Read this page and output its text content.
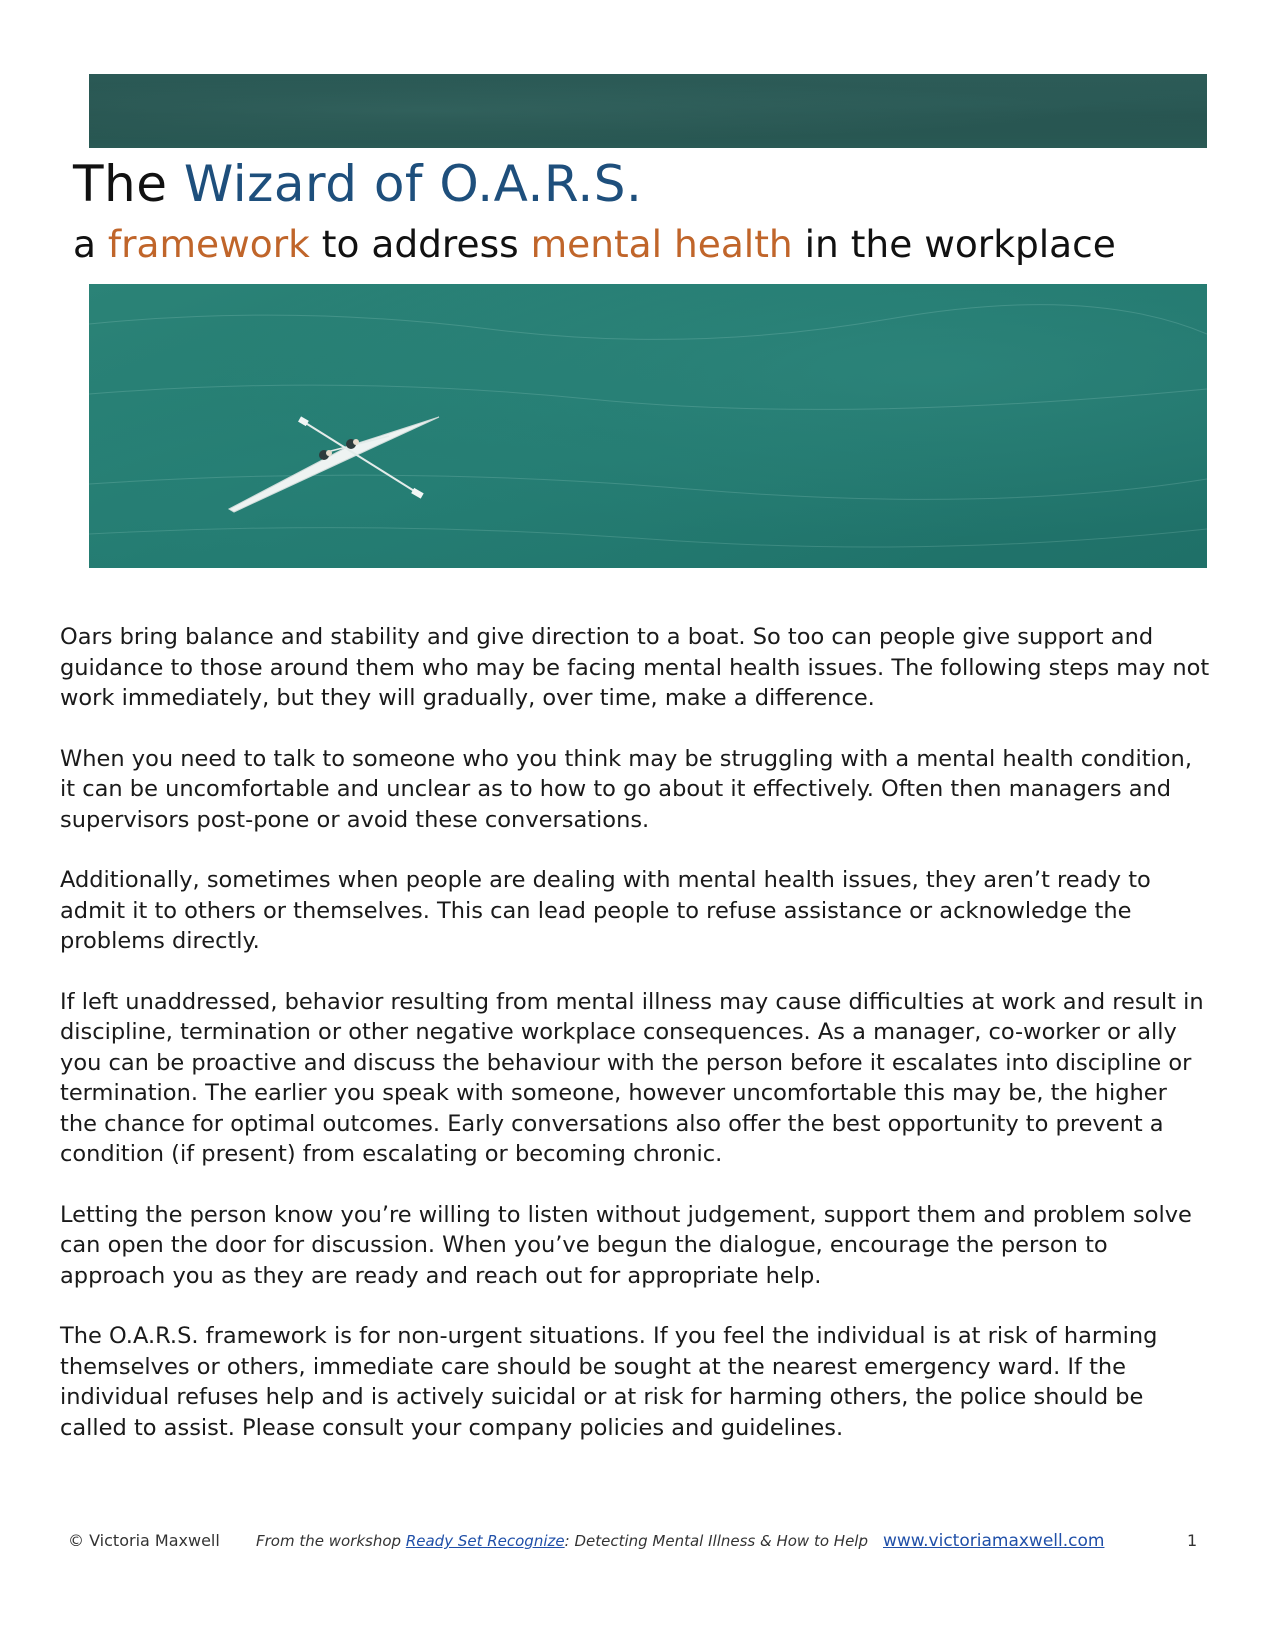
The Wizard of O.A.R.S.
a framework to address mental health in the workplace

Oars bring balance and stability and give direction to a boat. So too can people give support and guidance to those around them who may be facing mental health issues. The following steps may not work immediately, but they will gradually, over time, make a difference.

When you need to talk to someone who you think may be struggling with a mental health condition, it can be uncomfortable and unclear as to how to go about it effectively. Often then managers and supervisors post-pone or avoid these conversations.

Additionally, sometimes when people are dealing with mental health issues, they aren’t ready to admit it to others or themselves. This can lead people to refuse assistance or acknowledge the problems directly.

If left unaddressed, behavior resulting from mental illness may cause difficulties at work and result in discipline, termination or other negative workplace consequences. As a manager, co-worker or ally you can be proactive and discuss the behaviour with the person before it escalates into discipline or termination. The earlier you speak with someone, however uncomfortable this may be, the higher the chance for optimal outcomes. Early conversations also offer the best opportunity to prevent a condition (if present) from escalating or becoming chronic.

Letting the person know you’re willing to listen without judgement, support them and problem solve can open the door for discussion. When you’ve begun the dialogue, encourage the person to approach you as they are ready and reach out for appropriate help.

The O.A.R.S. framework is for non-urgent situations. If you feel the individual is at risk of harming themselves or others, immediate care should be sought at the nearest emergency ward. If the individual refuses help and is actively suicidal or at risk for harming others, the police should be called to assist. Please consult your company policies and guidelines.

© Victoria Maxwell From the workshop Ready Set Recognize: Detecting Mental Illness & How to Help www.victoriamaxwell.com	1
